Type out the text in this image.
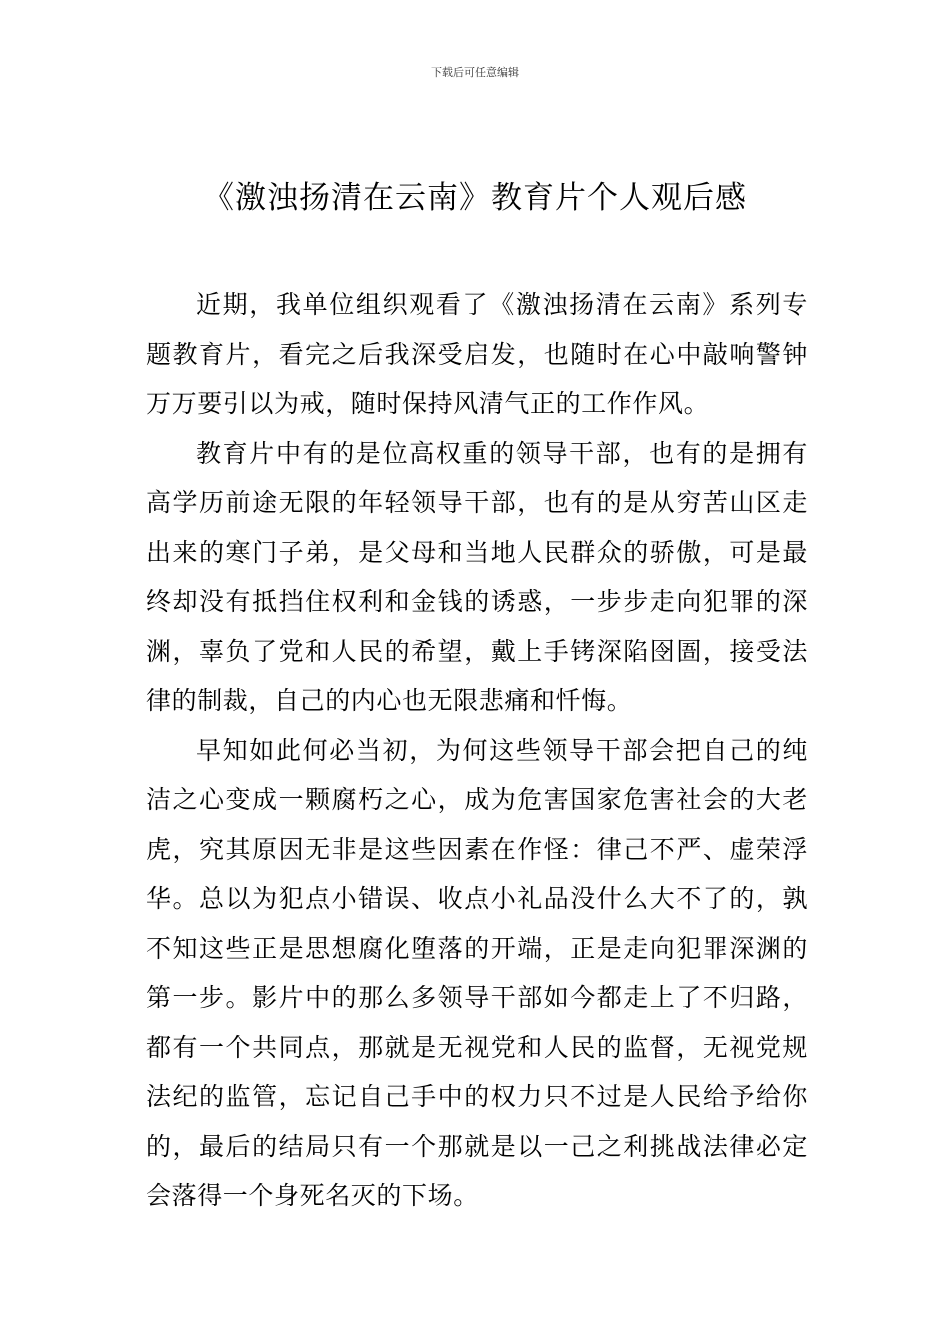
下载后可任意编辑
《激浊扬清在云南》教育片个人观后感

近期，我单位组织观看了《激浊扬清在云南》系列专题教育片，看完之后我深受启发，也随时在心中敲响警钟万万要引以为戒，随时保持风清气正的工作作风。

教育片中有的是位高权重的领导干部，也有的是拥有高学历前途无限的年轻领导干部，也有的是从穷苦山区走出来的寒门子弟，是父母和当地人民群众的骄傲，可是最终却没有抵挡住权利和金钱的诱惑，一步步走向犯罪的深渊，辜负了党和人民的希望，戴上手铐深陷囹圄，接受法律的制裁，自己的内心也无限悲痛和忏悔。

早知如此何必当初，为何这些领导干部会把自己的纯洁之心变成一颗腐朽之心，成为危害国家危害社会的大老虎，究其原因无非是这些因素在作怪：律己不严、虚荣浮华。总以为犯点小错误、收点小礼品没什么大不了的，孰不知这些正是思想腐化堕落的开端，正是走向犯罪深渊的第一步。影片中的那么多领导干部如今都走上了不归路，都有一个共同点，那就是无视党和人民的监督，无视党规法纪的监管，忘记自己手中的权力只不过是人民给予给你的，最后的结局只有一个那就是以一己之利挑战法律必定会落得一个身死名灭的下场。
